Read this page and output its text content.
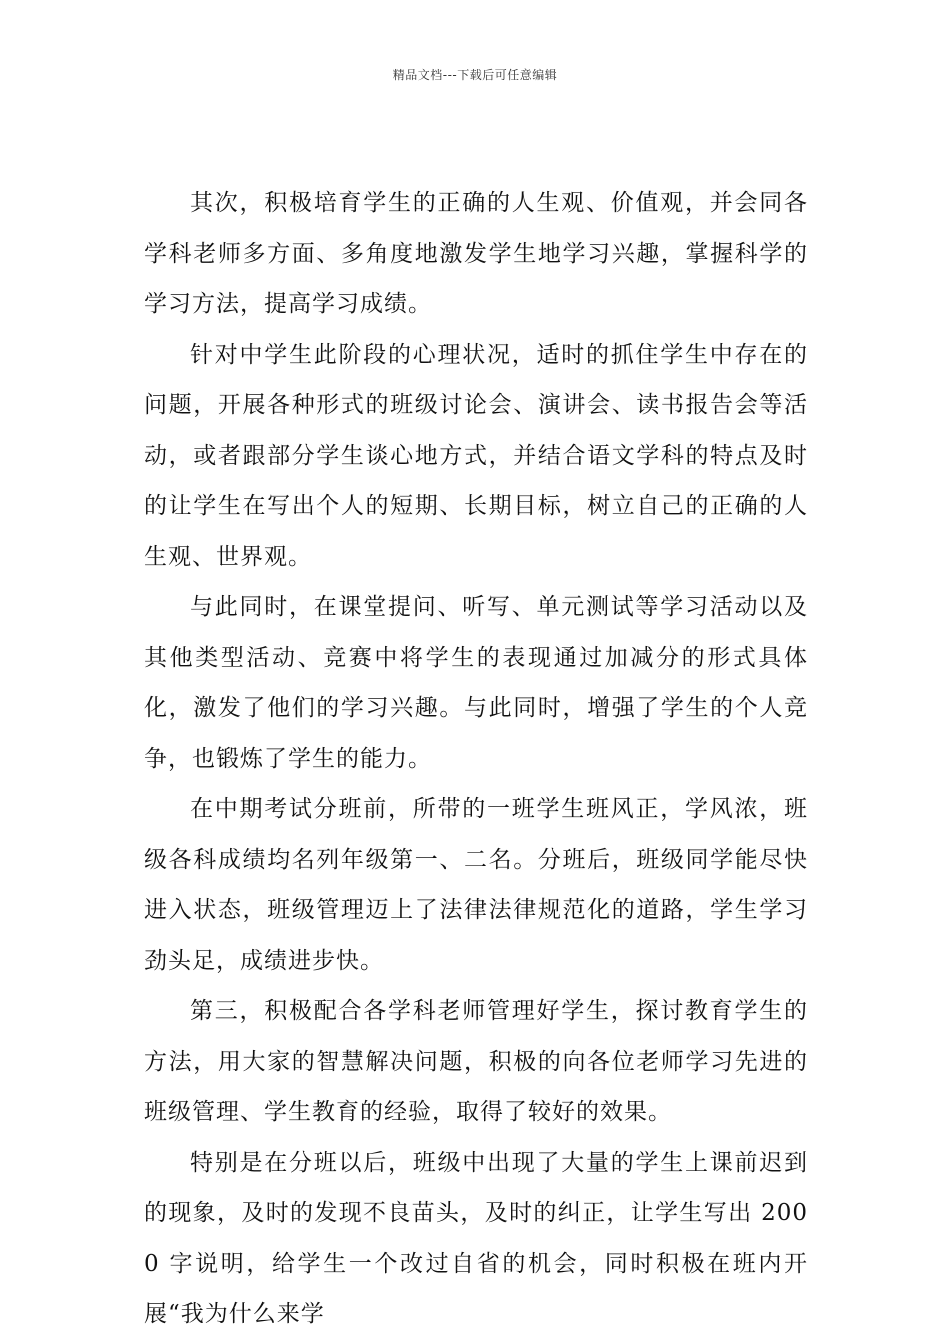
精品文档---下载后可任意编辑

其次，积极培育学生的正确的人生观、价值观，并会同各学科老师多方面、多角度地激发学生地学习兴趣，掌握科学的学习方法，提高学习成绩。

针对中学生此阶段的心理状况，适时的抓住学生中存在的问题，开展各种形式的班级讨论会、演讲会、读书报告会等活动，或者跟部分学生谈心地方式，并结合语文学科的特点及时的让学生在写出个人的短期、长期目标，树立自己的正确的人生观、世界观。

与此同时，在课堂提问、听写、单元测试等学习活动以及其他类型活动、竞赛中将学生的表现通过加减分的形式具体化，激发了他们的学习兴趣。与此同时，增强了学生的个人竞争，也锻炼了学生的能力。

在中期考试分班前，所带的一班学生班风正，学风浓，班级各科成绩均名列年级第一、二名。分班后，班级同学能尽快进入状态，班级管理迈上了法律法律规范化的道路，学生学习劲头足，成绩进步快。

第三，积极配合各学科老师管理好学生，探讨教育学生的方法，用大家的智慧解决问题，积极的向各位老师学习先进的班级管理、学生教育的经验，取得了较好的效果。

特别是在分班以后，班级中出现了大量的学生上课前迟到的现象，及时的发现不良苗头，及时的纠正，让学生写出 2000 字说明，给学生一个改过自省的机会，同时积极在班内开展“我为什么来学
